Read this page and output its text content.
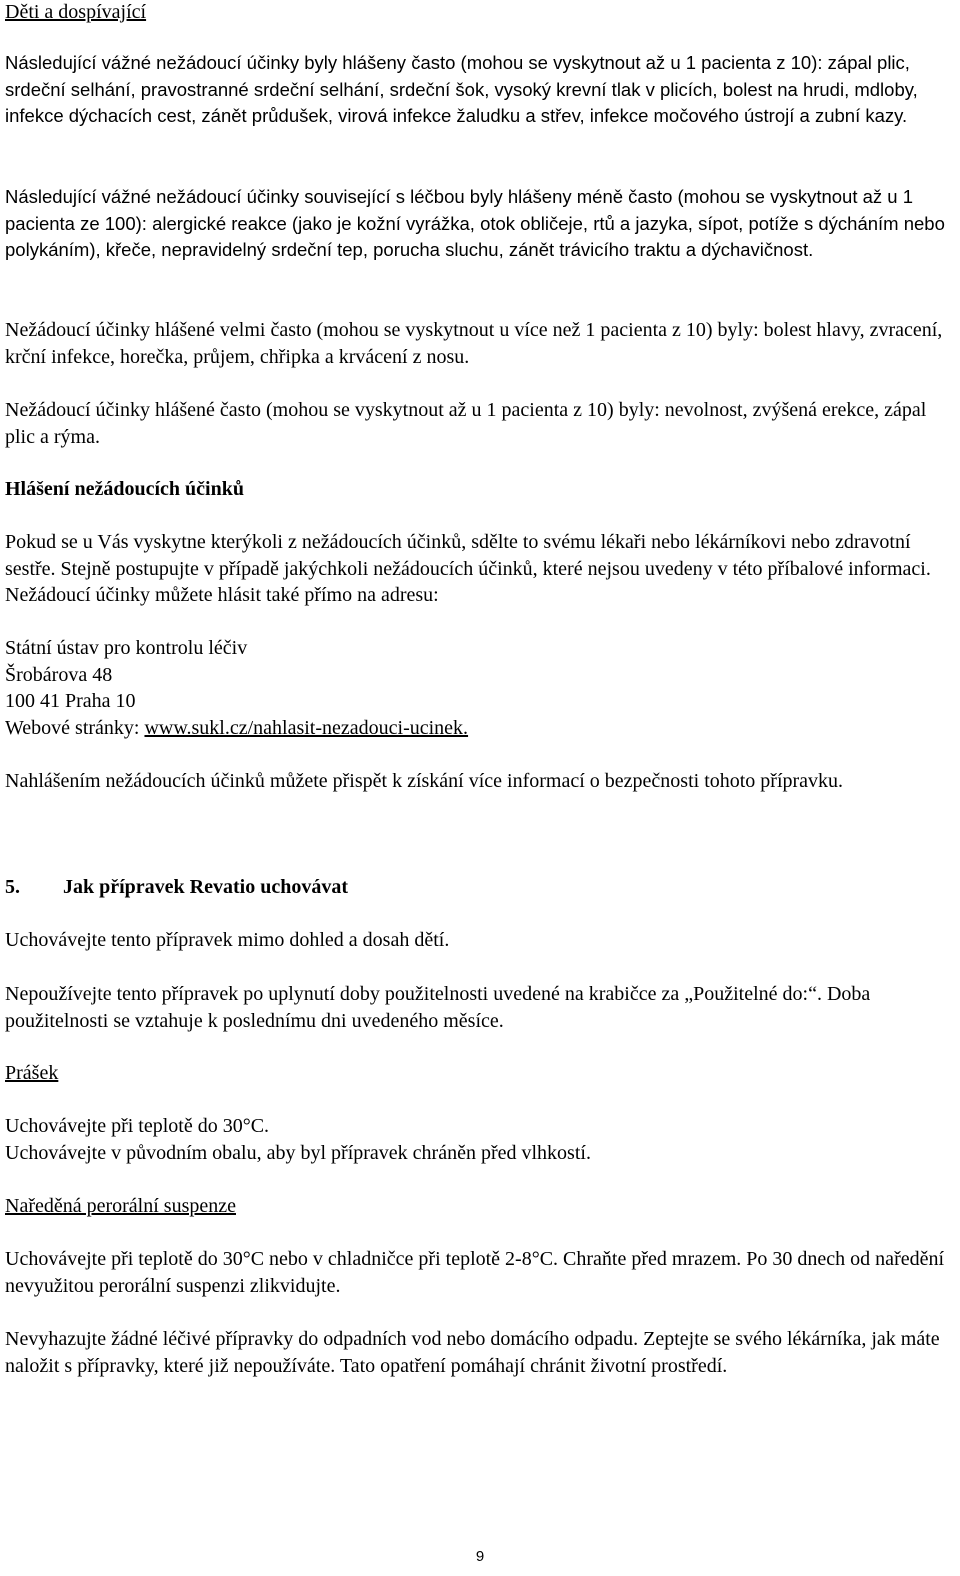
Děti a dospívající

Následující vážné nežádoucí účinky byly hlášeny často (mohou se vyskytnout až u 1 pacienta z 10): zápal plic, srdeční selhání, pravostranné srdeční selhání, srdeční šok, vysoký krevní tlak v plicích, bolest na hrudi, mdloby, infekce dýchacích cest, zánět průdušek, virová infekce žaludku a střev, infekce močového ústrojí a zubní kazy.

Následující vážné nežádoucí účinky související s léčbou byly hlášeny méně často (mohou se vyskytnout až u 1 pacienta ze 100): alergické reakce (jako je kožní vyrážka, otok obličeje, rtů a jazyka, sípot, potíže s dýcháním nebo polykáním), křeče, nepravidelný srdeční tep, porucha sluchu, zánět trávicího traktu a dýchavičnost.

Nežádoucí účinky hlášené velmi často (mohou se vyskytnout u více než 1 pacienta z 10) byly: bolest hlavy, zvracení, krční infekce, horečka, průjem, chřipka a krvácení z nosu.

Nežádoucí účinky hlášené často (mohou se vyskytnout až u 1 pacienta z 10) byly: nevolnost, zvýšená erekce, zápal plic a rýma.

Hlášení nežádoucích účinků

Pokud se u Vás vyskytne kterýkoli z nežádoucích účinků, sdělte to svému lékaři nebo lékárníkovi nebo zdravotní sestře. Stejně postupujte v případě jakýchkoli nežádoucích účinků, které nejsou uvedeny v této příbalové informaci. Nežádoucí účinky můžete hlásit také přímo na adresu:

Státní ústav pro kontrolu léčiv
Šrobárova 48
100 41 Praha 10
Webové stránky: www.sukl.cz/nahlasit-nezadouci-ucinek.

Nahlášením nežádoucích účinků můžete přispět k získání více informací o bezpečnosti tohoto přípravku.

5. Jak přípravek Revatio uchovávat

Uchovávejte tento přípravek mimo dohled a dosah dětí.

Nepoužívejte tento přípravek po uplynutí doby použitelnosti uvedené na krabičce za „Použitelné do:“. Doba použitelnosti se vztahuje k poslednímu dni uvedeného měsíce.

Prášek

Uchovávejte při teplotě do 30°C.
Uchovávejte v původním obalu, aby byl přípravek chráněn před vlhkostí.

Naředěná perorální suspenze

Uchovávejte při teplotě do 30°C nebo v chladničce při teplotě 2-8°C. Chraňte před mrazem. Po 30 dnech od naředění nevyužitou perorální suspenzi zlikvidujte.

Nevyhazujte žádné léčivé přípravky do odpadních vod nebo domácího odpadu. Zeptejte se svého lékárníka, jak máte naložit s přípravky, které již nepoužíváte. Tato opatření pomáhají chránit životní prostředí.

9
